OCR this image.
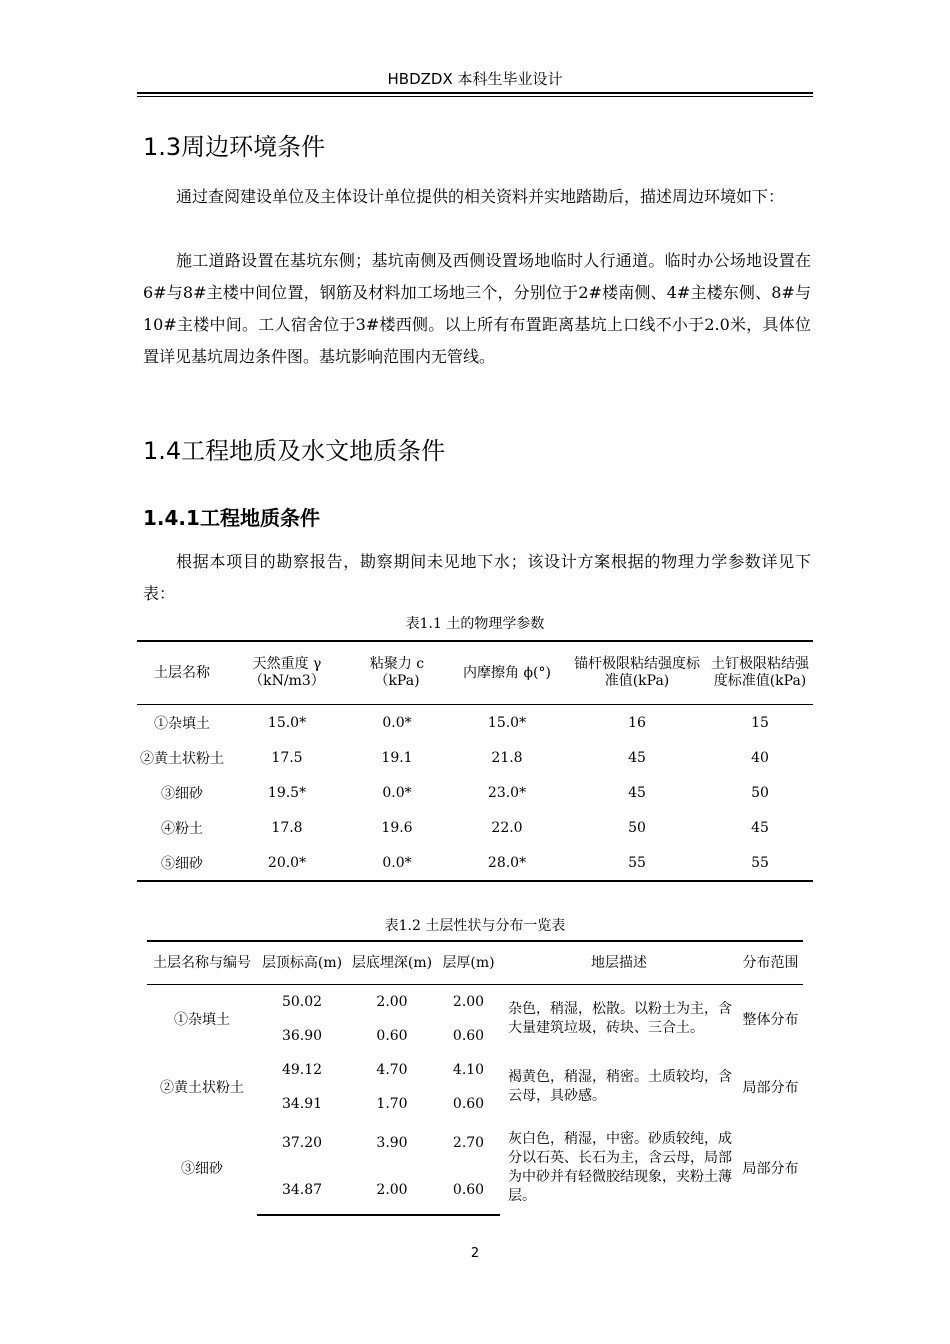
HBDZDX 本科生毕业设计
1.3周边环境条件

通过查阅建设单位及主体设计单位提供的相关资料并实地踏勘后，描述周边环境如下：

施工道路设置在基坑东侧；基坑南侧及西侧设置场地临时人行通道。临时办公场地设置在6#与8#主楼中间位置，钢筋及材料加工场地三个，分别位于2#楼南侧、4#主楼东侧、8#与10#主楼中间。工人宿舍位于3#楼西侧。以上所有布置距离基坑上口线不小于2.0米，具体位置详见基坑周边条件图。基坑影响范围内无管线。

1.4工程地质及水文地质条件
1.4.1工程地质条件

根据本项目的勘察报告，勘察期间未见地下水；该设计方案根据的物理力学参数详见下表：

表1.1 土的物理学参数

土层名称	天然重度 γ（kN/m3）	粘聚力 c（kPa)	内摩擦角 ϕ(°)	锚杆极限粘结强度标准值(kPa)	土钉极限粘结强度标准值(kPa)
①杂填土	15.0*	0.0*	15.0*	16	15
②黄土状粉土	17.5	19.1	21.8	45	40
③细砂	19.5*	0.0*	23.0*	45	50
④粉土	17.8	19.6	22.0	50	45
⑤细砂	20.0*	0.0*	28.0*	55	55

表1.2 土层性状与分布一览表

土层名称与编号	层顶标高(m)	层底埋深(m)	层厚(m)	地层描述	分布范围
①杂填土	50.02	2.00	2.00	杂色，稍湿，松散。以粉土为主，含大量建筑垃圾，砖块、三合土。	整体分布
	36.90	0.60	0.60		
②黄土状粉土	49.12	4.70	4.10	褐黄色，稍湿，稍密。土质较均，含云母，具砂感。	局部分布
	34.91	1.70	0.60		
③细砂	37.20	3.90	2.70	灰白色，稍湿，中密。砂质较纯，成分以石英、长石为主，含云母，局部为中砂并有轻微胶结现象，夹粉土薄层。	局部分布
	34.87	2.00	0.60		
2
